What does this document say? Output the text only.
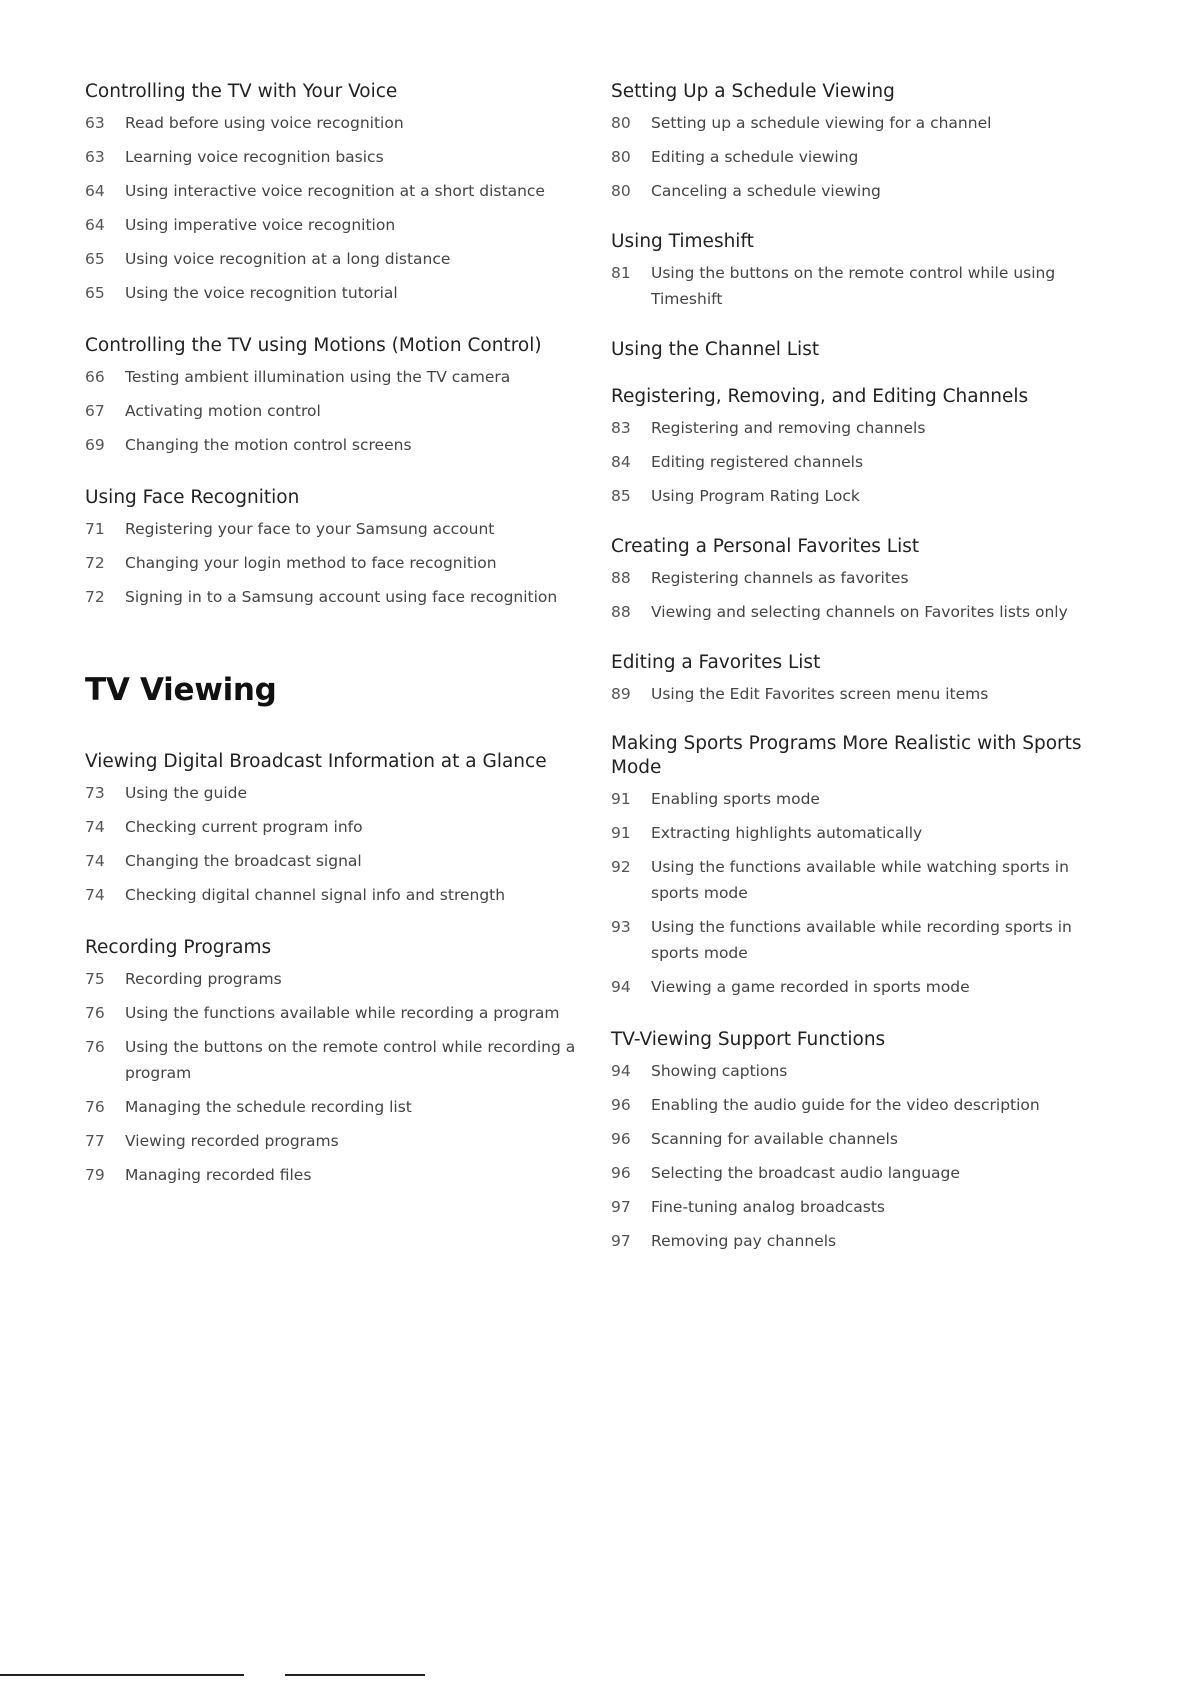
Controlling the TV with Your Voice
63	Read before using voice recognition
63	Learning voice recognition basics
64	Using interactive voice recognition at a short distance
64	Using imperative voice recognition
65	Using voice recognition at a long distance
65	Using the voice recognition tutorial
Controlling the TV using Motions (Motion Control)
66	Testing ambient illumination using the TV camera
67	Activating motion control
69	Changing the motion control screens
Using Face Recognition
71	Registering your face to your Samsung account
72	Changing your login method to face recognition
72	Signing in to a Samsung account using face recognition
Viewing Digital Broadcast Information at a Glance
73	Using the guide
74	Checking current program info
74	Changing the broadcast signal
74	Checking digital channel signal info and strength
Recording Programs
75	Recording programs
76	Using the functions available while recording a program
76	Using the buttons on the remote control while recording a program
76	Managing the schedule recording list
77	Viewing recorded programs
79	Managing recorded files
TV Viewing
Setting Up a Schedule Viewing
80	Setting up a schedule viewing for a channel
80	Editing a schedule viewing
80	Canceling a schedule viewing
Using Timeshift
81	Using the buttons on the remote control while using Timeshift
Using the Channel List
Registering, Removing, and Editing Channels
83	Registering and removing channels
84	Editing registered channels
85	Using Program Rating Lock
Creating a Personal Favorites List
88	Registering channels as favorites
88	Viewing and selecting channels on Favorites lists only
Editing a Favorites List
89	Using the Edit Favorites screen menu items
Making Sports Programs More Realistic with Sports Mode
91	Enabling sports mode
91	Extracting highlights automatically
92	Using the functions available while watching sports in sports mode
93	Using the functions available while recording sports in sports mode
94	Viewing a game recorded in sports mode
TV-Viewing Support Functions
94	Showing captions
96	Enabling the audio guide for the video description
96	Scanning for available channels
96	Selecting the broadcast audio language
97	Fine-tuning analog broadcasts
97	Removing pay channels
